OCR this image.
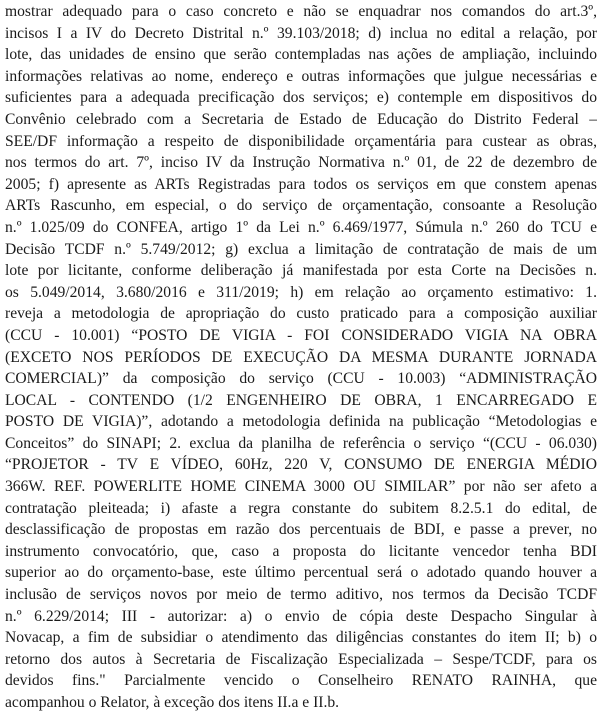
mostrar adequado para o caso concreto e não se enquadrar nos comandos do art.3º,
incisos I a IV do Decreto Distrital n.º 39.103/2018; d) inclua no edital a relação, por
lote, das unidades de ensino que serão contempladas nas ações de ampliação, incluindo
informações relativas ao nome, endereço e outras informações que julgue necessárias e
suficientes para a adequada precificação dos serviços; e) contemple em dispositivos do
Convênio celebrado com a Secretaria de Estado de Educação do Distrito Federal –
SEE/DF informação a respeito de disponibilidade orçamentária para custear as obras,
nos termos do art. 7º, inciso IV da Instrução Normativa n.º 01, de 22 de dezembro de
2005; f) apresente as ARTs Registradas para todos os serviços em que constem apenas
ARTs Rascunho, em especial, o do serviço de orçamentação, consoante a Resolução
n.º 1.025/09 do CONFEA, artigo 1º da Lei n.º 6.469/1977, Súmula n.º 260 do TCU e
Decisão TCDF n.º 5.749/2012; g) exclua a limitação de contratação de mais de um
lote por licitante, conforme deliberação já manifestada por esta Corte na Decisões n.
os 5.049/2014, 3.680/2016 e 311/2019; h) em relação ao orçamento estimativo: 1.
reveja a metodologia de apropriação do custo praticado para a composição auxiliar
(CCU - 10.001) “POSTO DE VIGIA - FOI CONSIDERADO VIGIA NA OBRA
(EXCETO NOS PERÍODOS DE EXECUÇÃO DA MESMA DURANTE JORNADA
COMERCIAL)” da composição do serviço (CCU - 10.003) “ADMINISTRAÇÃO
LOCAL - CONTENDO (1/2 ENGENHEIRO DE OBRA, 1 ENCARREGADO E
POSTO DE VIGIA)”, adotando a metodologia definida na publicação “Metodologias e
Conceitos” do SINAPI; 2. exclua da planilha de referência o serviço “(CCU - 06.030)
“PROJETOR - TV E VÍDEO, 60Hz, 220 V, CONSUMO DE ENERGIA MÉDIO
366W. REF. POWERLITE HOME CINEMA 3000 OU SIMILAR” por não ser afeto a
contratação pleiteada; i) afaste a regra constante do subitem 8.2.5.1 do edital, de
desclassificação de propostas em razão dos percentuais de BDI, e passe a prever, no
instrumento convocatório, que, caso a proposta do licitante vencedor tenha BDI
superior ao do orçamento-base, este último percentual será o adotado quando houver a
inclusão de serviços novos por meio de termo aditivo, nos termos da Decisão TCDF
n.º 6.229/2014; III - autorizar: a) o envio de cópia deste Despacho Singular à
Novacap, a fim de subsidiar o atendimento das diligências constantes do item II; b) o
retorno dos autos à Secretaria de Fiscalização Especializada – Sespe/TCDF, para os
devidos fins." Parcialmente vencido o Conselheiro RENATO RAINHA, que
acompanhou o Relator, à exceção dos itens II.a e II.b.
